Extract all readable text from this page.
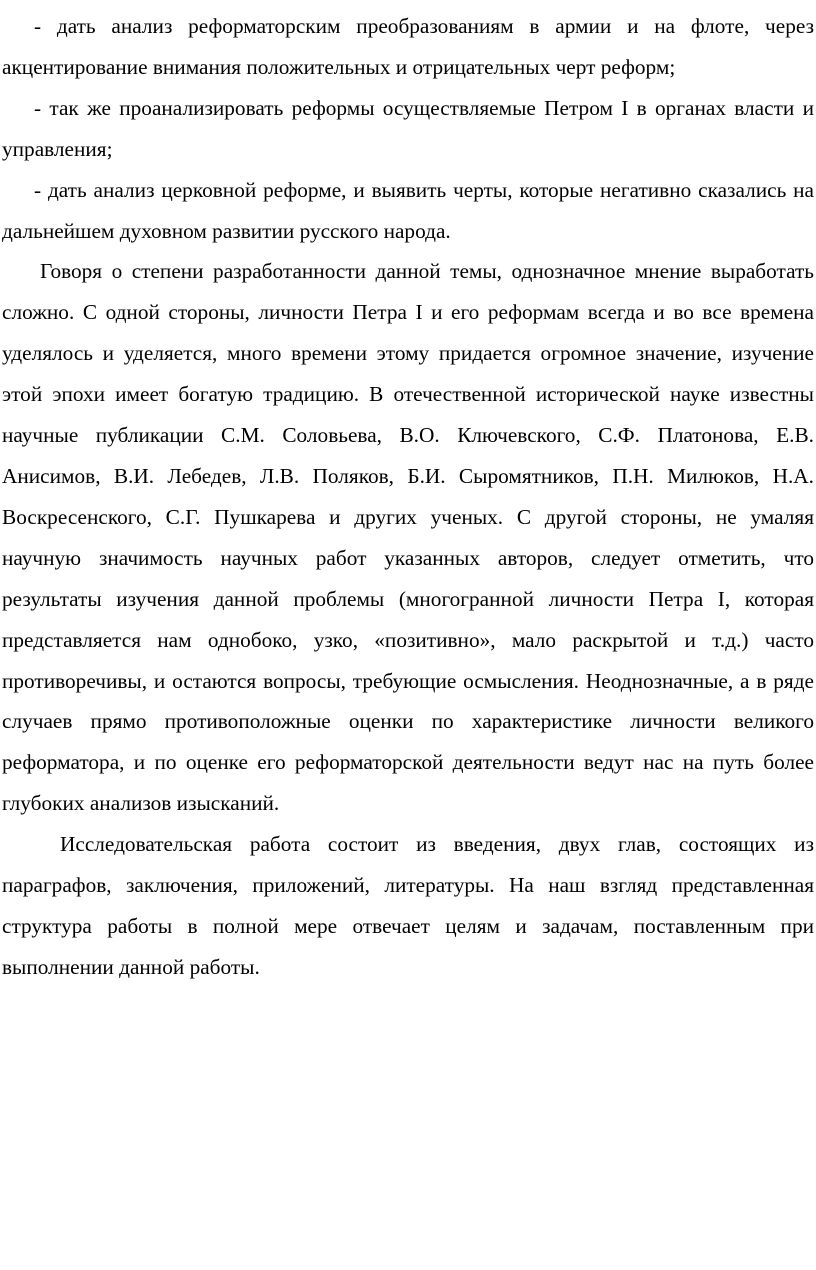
- дать анализ реформаторским преобразованиям в армии и на флоте, через акцентирование внимания положительных и отрицательных черт реформ;

- так же проанализировать реформы осуществляемые Петром I в органах власти и управления;

- дать анализ церковной реформе, и выявить черты, которые негативно сказались на дальнейшем духовном развитии русского народа.

Говоря о степени разработанности данной темы, однозначное мнение выработать сложно. С одной стороны, личности Петра I и его реформам всегда и во все времена уделялось и уделяется, много времени этому придается огромное значение, изучение этой эпохи имеет богатую традицию. В отечественной исторической науке известны научные публикации С.М. Соловьева, В.О. Ключевского, С.Ф. Платонова, Е.В. Анисимов, В.И. Лебедев, Л.В. Поляков, Б.И. Сыромятников, П.Н. Милюков, Н.А. Воскресенского, С.Г. Пушкарева и других ученых. С другой стороны, не умаляя научную значимость научных работ указанных авторов, следует отметить, что результаты изучения данной проблемы (многогранной личности Петра I, которая представляется нам однобоко, узко, «позитивно», мало раскрытой и т.д.) часто противоречивы, и остаются вопросы, требующие осмысления. Неоднозначные, а в ряде случаев прямо противоположные оценки по характеристике личности великого реформатора, и по оценке его реформаторской деятельности ведут нас на путь более глубоких анализов изысканий.

Исследовательская работа состоит из введения, двух глав, состоящих из параграфов, заключения, приложений, литературы. На наш взгляд представленная структура работы в полной мере отвечает целям и задачам, поставленным при выполнении данной работы.
